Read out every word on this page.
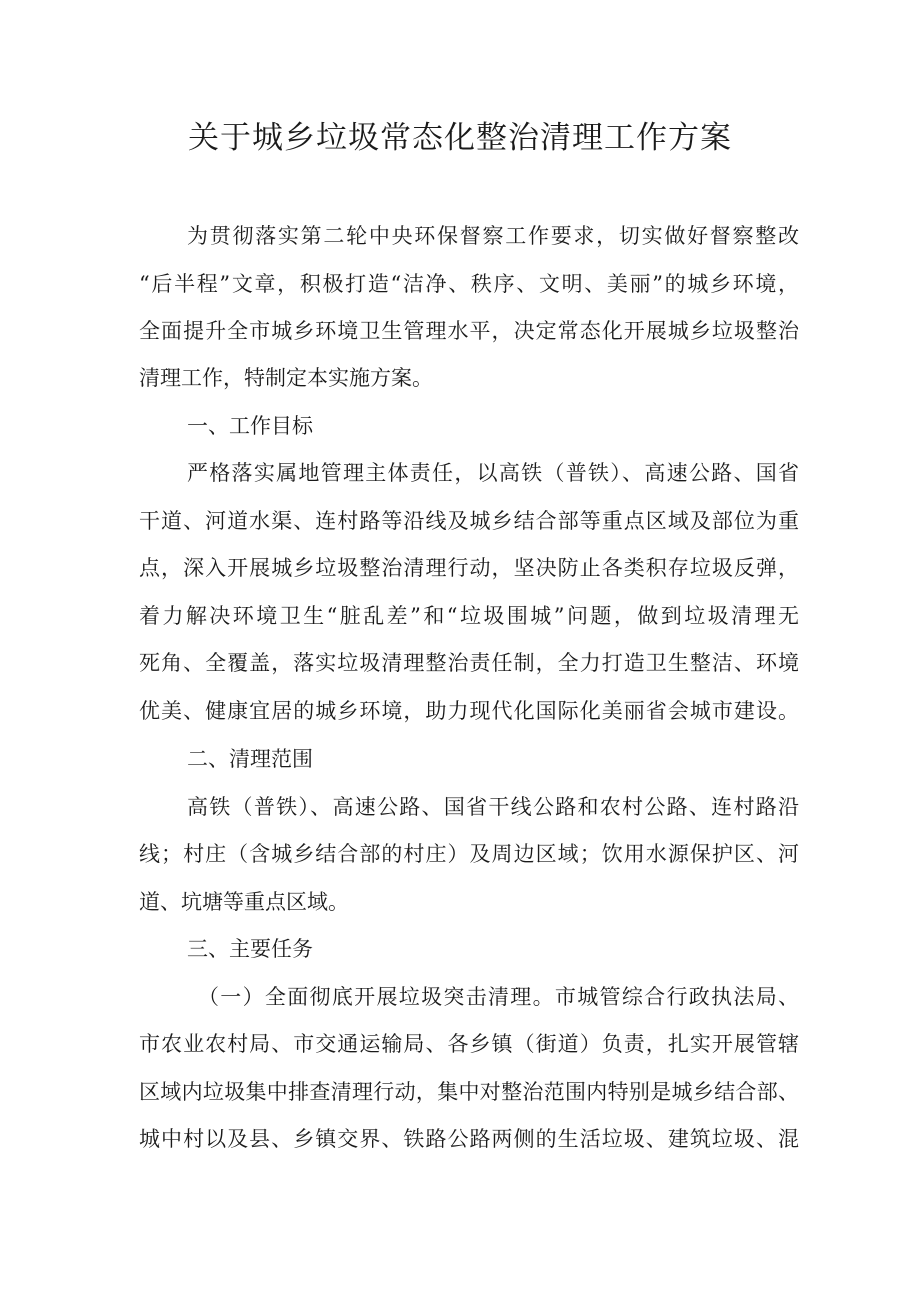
关于城乡垃圾常态化整治清理工作方案
为贯彻落实第二轮中央环保督察工作要求，切实做好督察整改
“后半程”文章，积极打造“洁净、秩序、文明、美丽”的城乡环境，
全面提升全市城乡环境卫生管理水平，决定常态化开展城乡垃圾整治
清理工作，特制定本实施方案。
一、工作目标
严格落实属地管理主体责任，以高铁（普铁）、高速公路、国省
干道、河道水渠、连村路等沿线及城乡结合部等重点区域及部位为重
点，深入开展城乡垃圾整治清理行动，坚决防止各类积存垃圾反弹，
着力解决环境卫生“脏乱差”和“垃圾围城”问题，做到垃圾清理无
死角、全覆盖，落实垃圾清理整治责任制，全力打造卫生整洁、环境
优美、健康宜居的城乡环境，助力现代化国际化美丽省会城市建设。
二、清理范围
高铁（普铁）、高速公路、国省干线公路和农村公路、连村路沿
线；村庄（含城乡结合部的村庄）及周边区域；饮用水源保护区、河
道、坑塘等重点区域。
三、主要任务
（一）全面彻底开展垃圾突击清理。市城管综合行政执法局、
市农业农村局、市交通运输局、各乡镇（街道）负责，扎实开展管辖
区域内垃圾集中排查清理行动，集中对整治范围内特别是城乡结合部、
城中村以及县、乡镇交界、铁路公路两侧的生活垃圾、建筑垃圾、混
